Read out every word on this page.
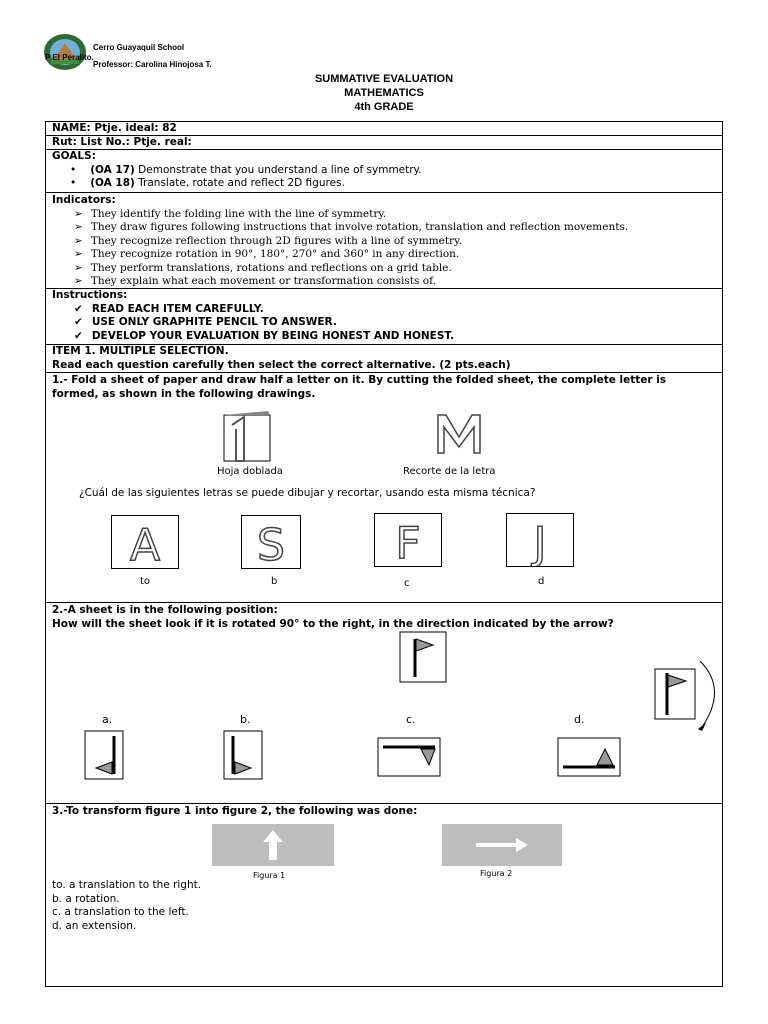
Cerro Guayaquil School
P El Peralito.
Professor: Carolina Hinojosa T.
SUMMATIVE EVALUATION
MATHEMATICS
4th GRADE
NAME: Ptje. ideal: 82
Rut: List No.: Ptje. real:
GOALS:
• (OA 17) Demonstrate that you understand a line of symmetry.
• (OA 18) Translate, rotate and reflect 2D figures.
Indicators:
➢ They identify the folding line with the line of symmetry.
➢ They draw figures following instructions that involve rotation, translation and reflection movements.
➢ They recognize reflection through 2D figures with a line of symmetry.
➢ They recognize rotation in 90°, 180°, 270° and 360° in any direction.
➢ They perform translations, rotations and reflections on a grid table.
➢ They explain what each movement or transformation consists of.
Instructions:
✔ READ EACH ITEM CAREFULLY.
✔ USE ONLY GRAPHITE PENCIL TO ANSWER.
✔ DEVELOP YOUR EVALUATION BY BEING HONEST AND HONEST.
ITEM 1. MULTIPLE SELECTION.
Read each question carefully then select the correct alternative. (2 pts.each)
1.- Fold a sheet of paper and draw half a letter on it. By cutting the folded sheet, the complete letter is formed, as shown in the following drawings.
Hoja doblada	Recorte de la letra
¿Cuál de las siguientes letras se puede dibujar y recortar, usando esta misma técnica?
A
to
S
b
F
c
J
d
2.-A sheet is in the following position:
How will the sheet look if it is rotated 90° to the right, in the direction indicated by the arrow?
a.	b.	c.	d.
3.-To transform figure 1 into figure 2, the following was done:
Figura 1	Figura 2
to. a translation to the right.
b. a rotation.
c. a translation to the left.
d. an extension.
